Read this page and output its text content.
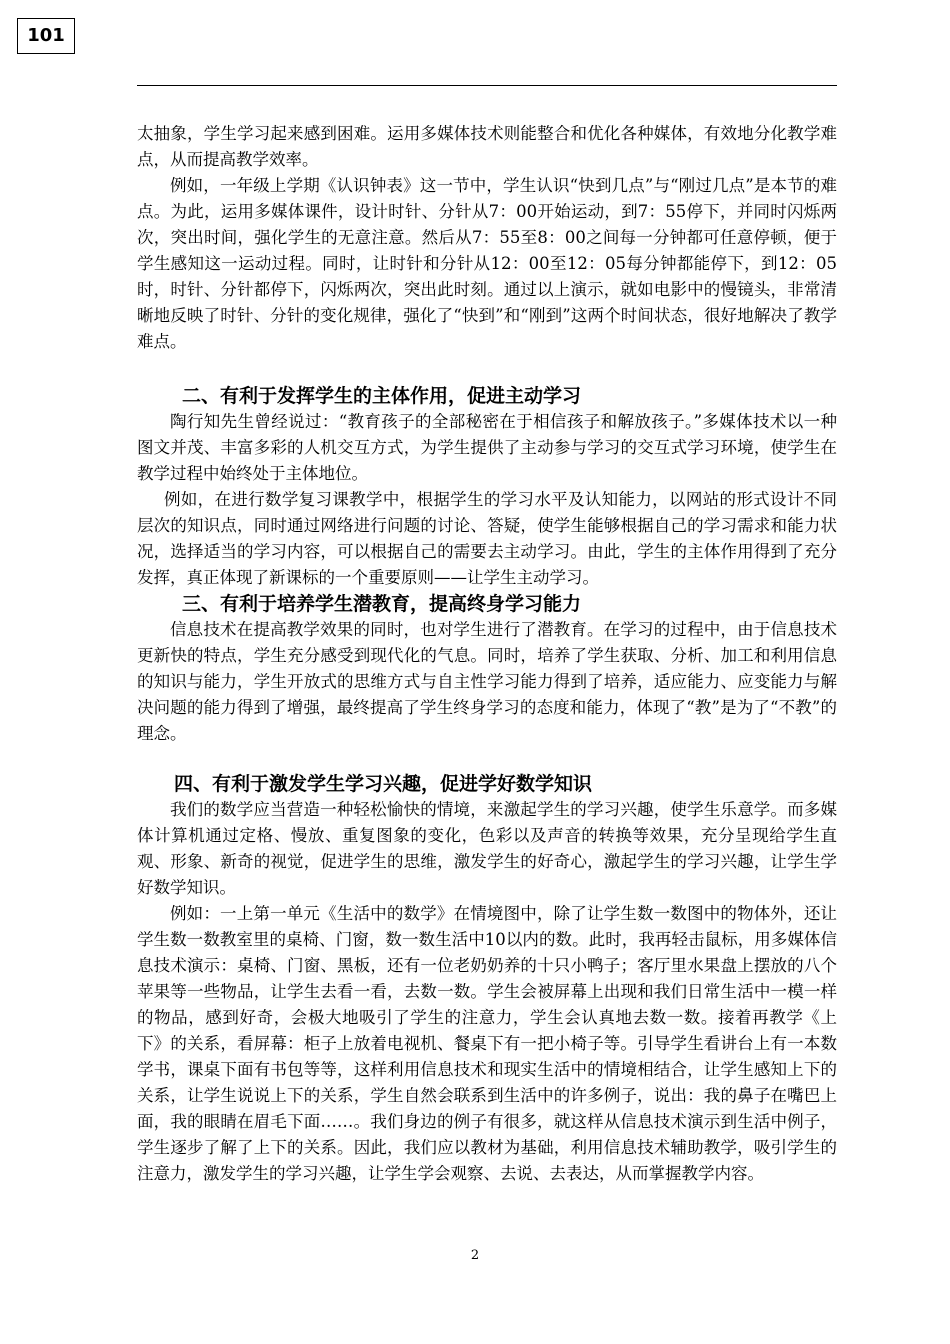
101

太抽象，学生学习起来感到困难。运用多媒体技术则能整合和优化各种媒体，有效地分化教学难点，从而提高教学效率。

例如，一年级上学期《认识钟表》这一节中，学生认识“快到几点”与“刚过几点”是本节的难点。为此，运用多媒体课件，设计时针、分针从7：00开始运动，到7：55停下，并同时闪烁两次，突出时间，强化学生的无意注意。然后从7：55至8：00之间每一分钟都可任意停顿，便于学生感知这一运动过程。同时，让时针和分针从12：00至12：05每分钟都能停下，到12：05时，时针、分针都停下，闪烁两次，突出此时刻。通过以上演示，就如电影中的慢镜头，非常清晰地反映了时针、分针的变化规律，强化了“快到”和“刚到”这两个时间状态，很好地解决了教学难点。

二、有利于发挥学生的主体作用，促进主动学习

陶行知先生曾经说过：“教育孩子的全部秘密在于相信孩子和解放孩子。”多媒体技术以一种图文并茂、丰富多彩的人机交互方式，为学生提供了主动参与学习的交互式学习环境，使学生在教学过程中始终处于主体地位。

例如，在进行数学复习课教学中，根据学生的学习水平及认知能力，以网站的形式设计不同层次的知识点，同时通过网络进行问题的讨论、答疑，使学生能够根据自己的学习需求和能力状况，选择适当的学习内容，可以根据自己的需要去主动学习。由此，学生的主体作用得到了充分发挥，真正体现了新课标的一个重要原则——让学生主动学习。

三、有利于培养学生潜教育，提高终身学习能力

信息技术在提高教学效果的同时，也对学生进行了潜教育。在学习的过程中，由于信息技术更新快的特点，学生充分感受到现代化的气息。同时，培养了学生获取、分析、加工和利用信息的知识与能力，学生开放式的思维方式与自主性学习能力得到了培养，适应能力、应变能力与解决问题的能力得到了增强，最终提高了学生终身学习的态度和能力，体现了“教”是为了“不教”的理念。

四、有利于激发学生学习兴趣，促进学好数学知识

我们的数学应当营造一种轻松愉快的情境，来激起学生的学习兴趣，使学生乐意学。而多媒体计算机通过定格、慢放、重复图象的变化，色彩以及声音的转换等效果，充分呈现给学生直观、形象、新奇的视觉，促进学生的思维，激发学生的好奇心，激起学生的学习兴趣，让学生学好数学知识。

例如：一上第一单元《生活中的数学》在情境图中，除了让学生数一数图中的物体外，还让学生数一数教室里的桌椅、门窗，数一数生活中10以内的数。此时，我再轻击鼠标，用多媒体信息技术演示：桌椅、门窗、黑板，还有一位老奶奶养的十只小鸭子；客厅里水果盘上摆放的八个苹果等一些物品，让学生去看一看，去数一数。学生会被屏幕上出现和我们日常生活中一模一样的物品，感到好奇，会极大地吸引了学生的注意力，学生会认真地去数一数。接着再教学《上下》的关系，看屏幕：柜子上放着电视机、餐桌下有一把小椅子等。引导学生看讲台上有一本数学书，课桌下面有书包等等，这样利用信息技术和现实生活中的情境相结合，让学生感知上下的关系，让学生说说上下的关系，学生自然会联系到生活中的许多例子，说出：我的鼻子在嘴巴上面，我的眼睛在眉毛下面……。我们身边的例子有很多，就这样从信息技术演示到生活中例子，学生逐步了解了上下的关系。因此，我们应以教材为基础，利用信息技术辅助教学，吸引学生的注意力，激发学生的学习兴趣，让学生学会观察、去说、去表达，从而掌握教学内容。

2
